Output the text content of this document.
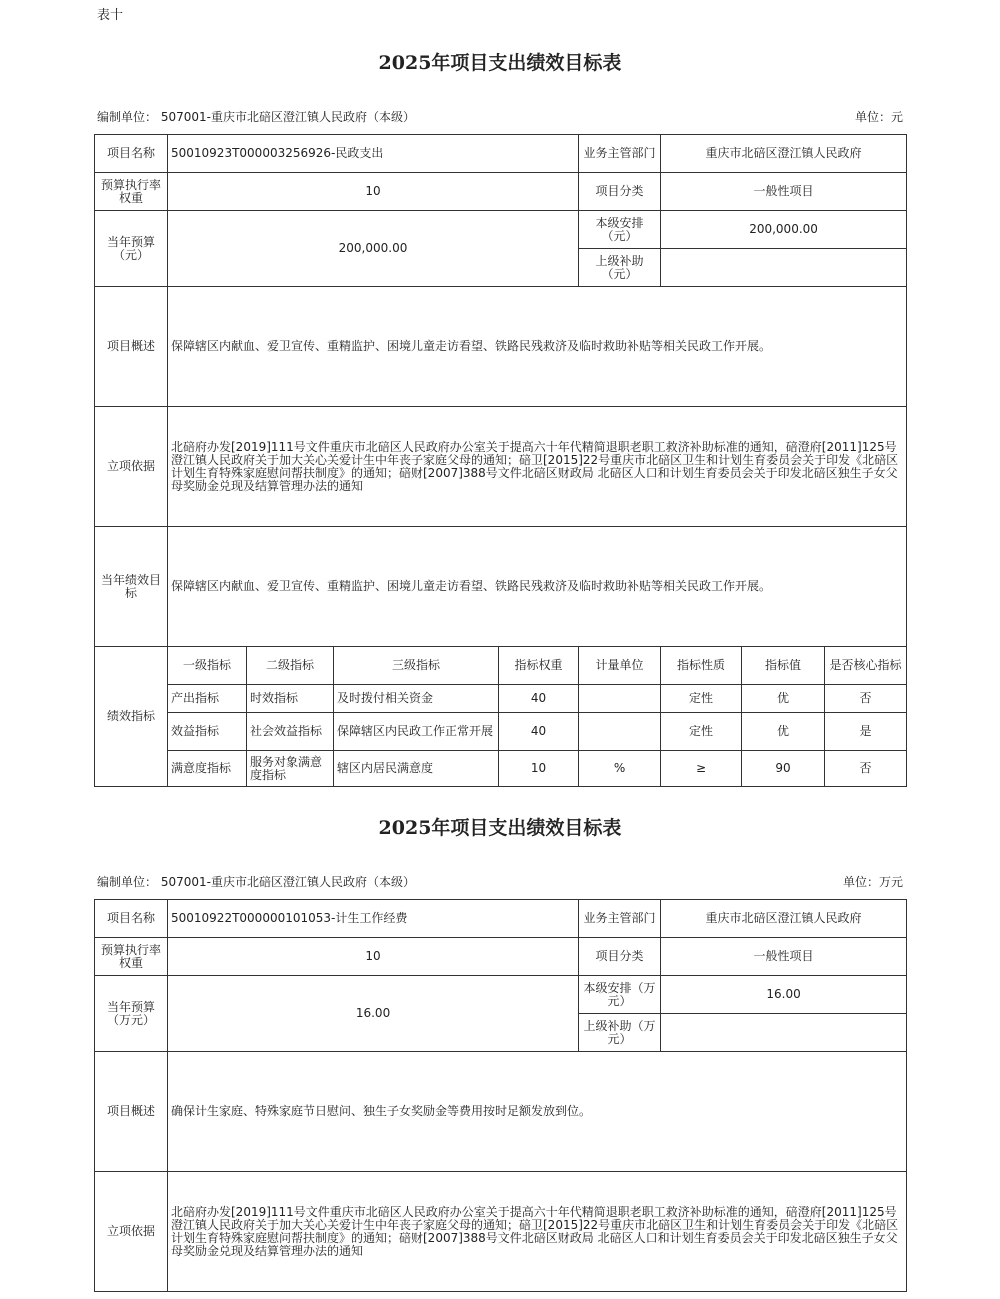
表十
2025年项目支出绩效目标表
编制单位： 507001-重庆市北碚区澄江镇人民政府（本级）	单位：元
项目名称	50010923T000003256926-民政支出				业务主管部门	重庆市北碚区澄江镇人民政府		
预算执行率权重	10				项目分类	一般性项目		
当年预算（元）	200,000.00				本级安排（元）	200,000.00		
					上级补助（元）			
项目概述	保障辖区内献血、爱卫宣传、重精监护、困境儿童走访看望、铁路民残救济及临时救助补贴等相关民政工作开展。							
立项依据	北碚府办发[2019]111号文件重庆市北碚区人民政府办公室关于提高六十年代精简退职老职工救济补助标准的通知，碚澄府[2011]125号澄江镇人民政府关于加大关心关爱计生中年丧子家庭父母的通知；碚卫[2015]22号重庆市北碚区卫生和计划生育委员会关于印发《北碚区计划生育特殊家庭慰问帮扶制度》的通知；碚财[2007]388号文件北碚区财政局 北碚区人口和计划生育委员会关于印发北碚区独生子女父母奖励金兑现及结算管理办法的通知							
当年绩效目标	保障辖区内献血、爱卫宣传、重精监护、困境儿童走访看望、铁路民残救济及临时救助补贴等相关民政工作开展。							
绩效指标	一级指标	二级指标	三级指标	指标权重	计量单位	指标性质	指标值	是否核心指标
	产出指标	时效指标	及时拨付相关资金	40		定性	优	否
	效益指标	社会效益指标	保障辖区内民政工作正常开展	40		定性	优	是
	满意度指标	服务对象满意度指标	辖区内居民满意度	10	%	≥	90	否
2025年项目支出绩效目标表
编制单位： 507001-重庆市北碚区澄江镇人民政府（本级）	单位：万元
项目名称	50010922T000000101053-计生工作经费	业务主管部门	重庆市北碚区澄江镇人民政府
预算执行率权重	10	项目分类	一般性项目
当年预算（万元）	16.00	本级安排（万元）	16.00
		上级补助（万元）	
项目概述	确保计生家庭、特殊家庭节日慰问、独生子女奖励金等费用按时足额发放到位。		
立项依据	北碚府办发[2019]111号文件重庆市北碚区人民政府办公室关于提高六十年代精简退职老职工救济补助标准的通知，碚澄府[2011]125号澄江镇人民政府关于加大关心关爱计生中年丧子家庭父母的通知；碚卫[2015]22号重庆市北碚区卫生和计划生育委员会关于印发《北碚区计划生育特殊家庭慰问帮扶制度》的通知；碚财[2007]388号文件北碚区财政局 北碚区人口和计划生育委员会关于印发北碚区独生子女父母奖励金兑现及结算管理办法的通知		
